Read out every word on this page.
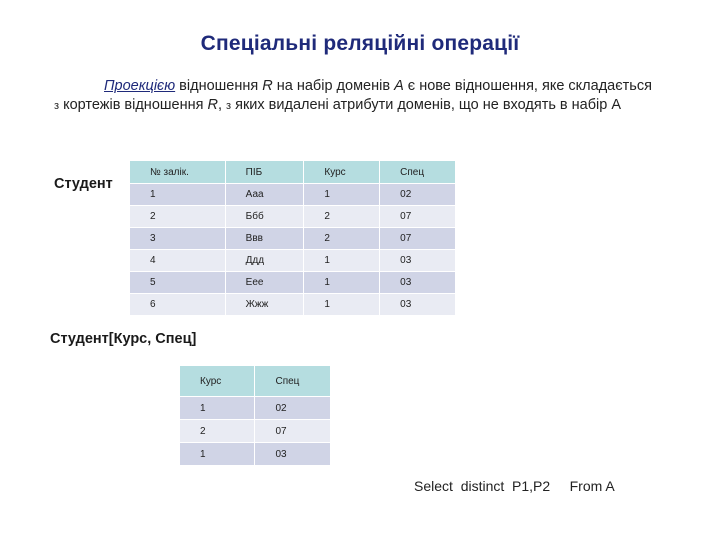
Спеціальні реляційні операції
Проекцією відношення R на набір доменів A є нове відношення, яке складається з кортежів відношення R, з яких видалені атрибути доменів, що не входять в набір А
Студент
№ залік.	ПІБ	Курс	Спец
1	Ааа	1	02
2	Ббб	2	07
3	Ввв	2	07
4	Ддд	1	03
5	Еее	1	03
6	Жжж	1	03
Студент[Курс, Спец]
Курс	Спец
1	02
2	07
1	03
Select  distinct  P1,P2     From A
